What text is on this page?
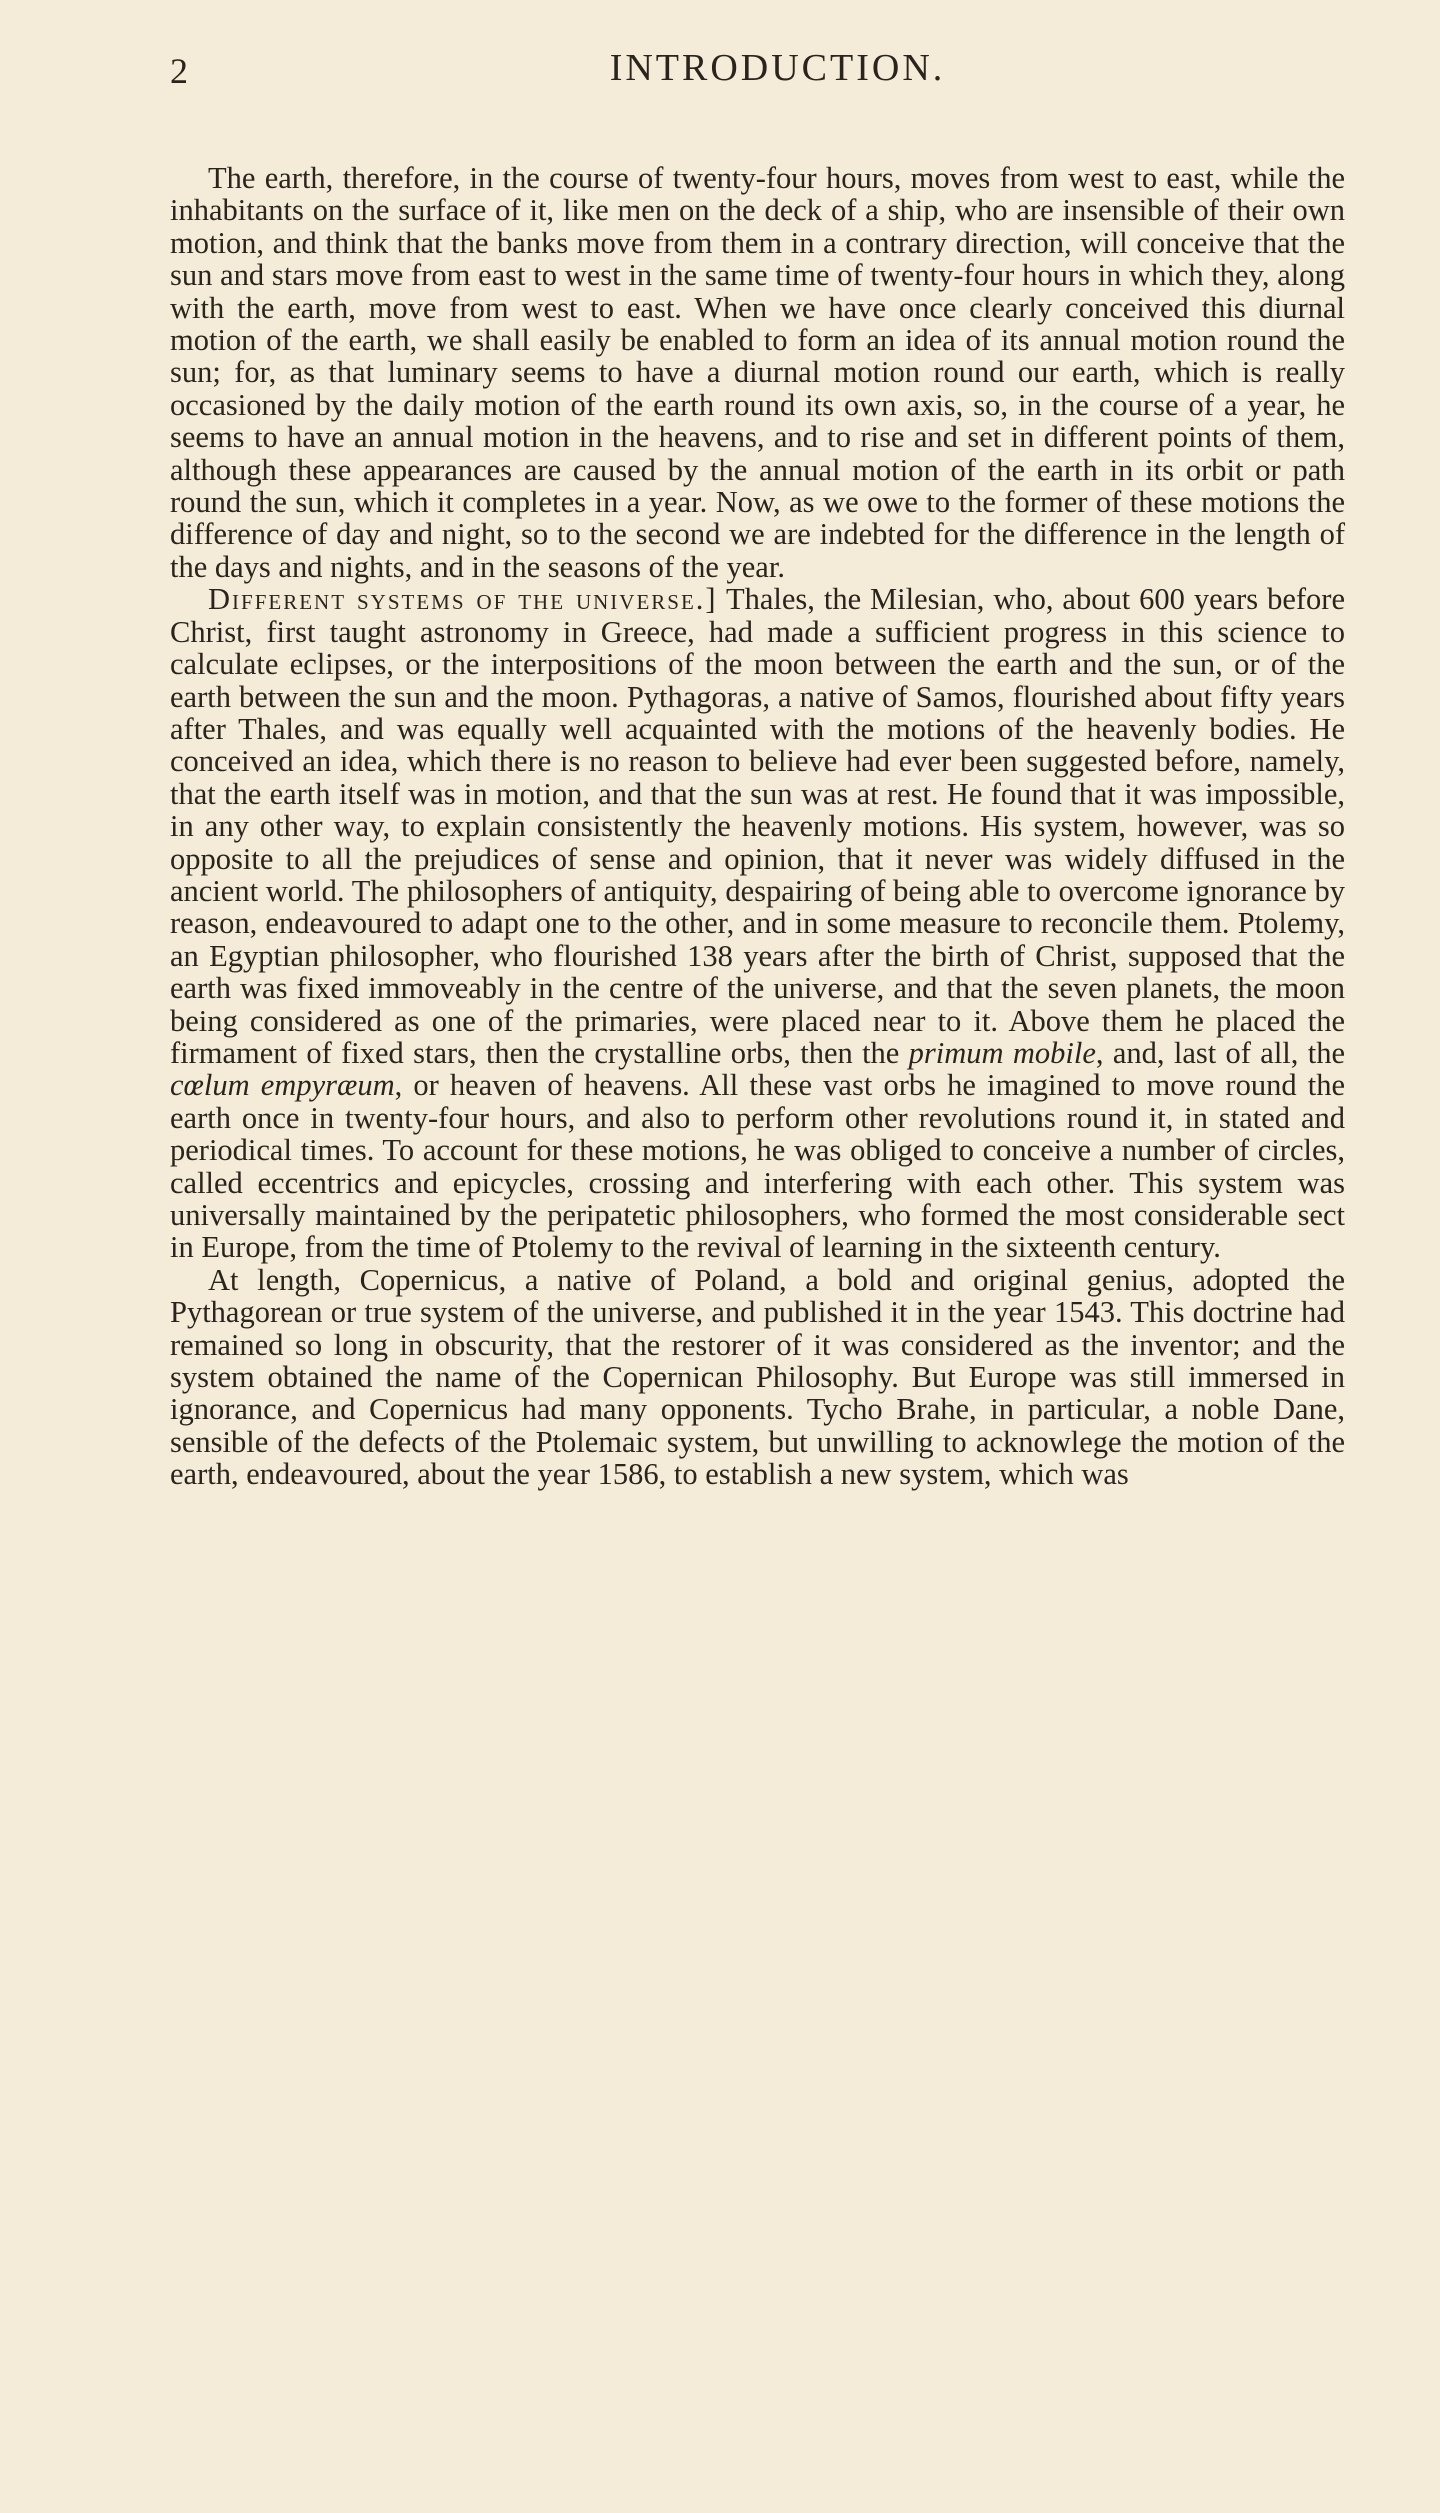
2	INTRODUCTION.

The earth, therefore, in the course of twenty-four hours, moves from west to east, while the inhabitants on the surface of it, like men on the deck of a ship, who are insensible of their own motion, and think that the banks move from them in a contrary direction, will conceive that the sun and stars move from east to west in the same time of twenty-four hours in which they, along with the earth, move from west to east. When we have once clearly conceived this diurnal motion of the earth, we shall easily be enabled to form an idea of its annual motion round the sun; for, as that luminary seems to have a diurnal motion round our earth, which is really occasioned by the daily motion of the earth round its own axis, so, in the course of a year, he seems to have an annual motion in the heavens, and to rise and set in different points of them, although these appearances are caused by the annual motion of the earth in its orbit or path round the sun, which it completes in a year. Now, as we owe to the former of these motions the difference of day and night, so to the second we are indebted for the difference in the length of the days and nights, and in the seasons of the year.

Different systems of the universe.] Thales, the Milesian, who, about 600 years before Christ, first taught astronomy in Greece, had made a sufficient progress in this science to calculate eclipses, or the interpositions of the moon between the earth and the sun, or of the earth between the sun and the moon. Pythagoras, a native of Samos, flourished about fifty years after Thales, and was equally well acquainted with the motions of the heavenly bodies. He conceived an idea, which there is no reason to believe had ever been suggested before, namely, that the earth itself was in motion, and that the sun was at rest. He found that it was impossible, in any other way, to explain consistently the heavenly motions. His system, however, was so opposite to all the prejudices of sense and opinion, that it never was widely diffused in the ancient world. The philosophers of antiquity, despairing of being able to overcome ignorance by reason, endeavoured to adapt one to the other, and in some measure to reconcile them. Ptolemy, an Egyptian philosopher, who flourished 138 years after the birth of Christ, supposed that the earth was fixed immoveably in the centre of the universe, and that the seven planets, the moon being considered as one of the primaries, were placed near to it. Above them he placed the firmament of fixed stars, then the crystalline orbs, then the primum mobile, and, last of all, the cœlum empyræum, or heaven of heavens. All these vast orbs he imagined to move round the earth once in twenty-four hours, and also to perform other revolutions round it, in stated and periodical times. To account for these motions, he was obliged to conceive a number of circles, called eccentrics and epicycles, crossing and interfering with each other. This system was universally maintained by the peripatetic philosophers, who formed the most considerable sect in Europe, from the time of Ptolemy to the revival of learning in the sixteenth century.

At length, Copernicus, a native of Poland, a bold and original genius, adopted the Pythagorean or true system of the universe, and published it in the year 1543. This doctrine had remained so long in obscurity, that the restorer of it was considered as the inventor; and the system obtained the name of the Copernican Philosophy. But Europe was still immersed in ignorance, and Copernicus had many opponents. Tycho Brahe, in particular, a noble Dane, sensible of the defects of the Ptolemaic system, but unwilling to acknowlege the motion of the earth, endeavoured, about the year 1586, to establish a new system, which was
